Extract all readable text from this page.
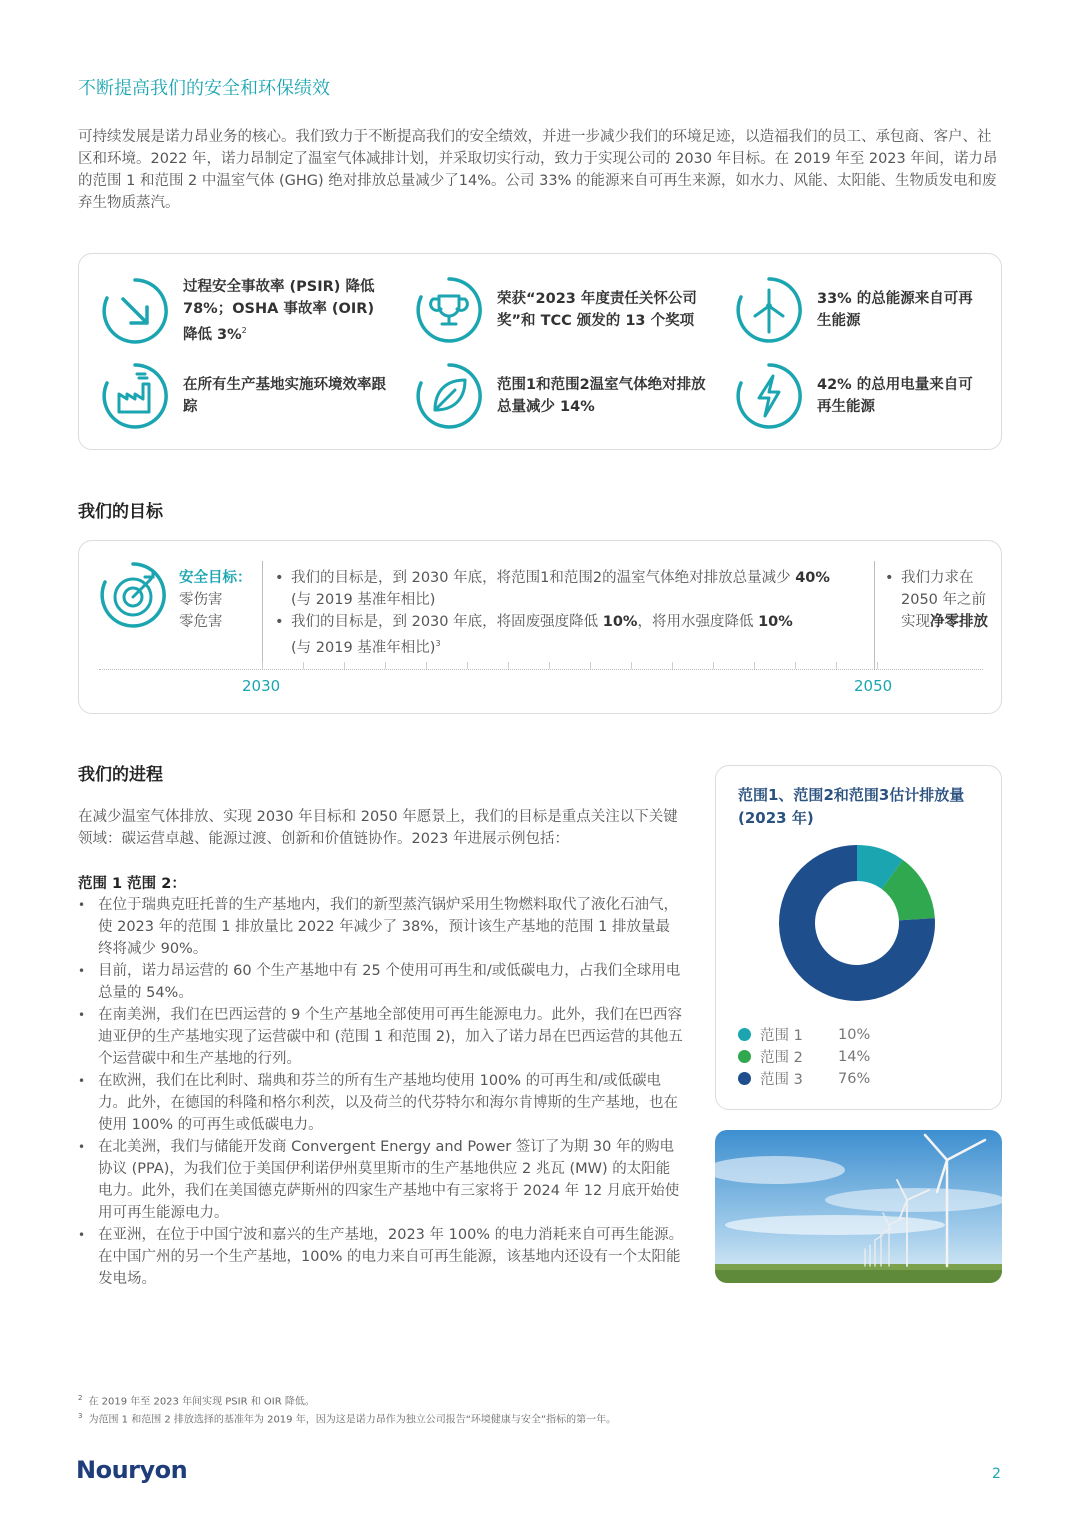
不断提高我们的安全和环保绩效
可持续发展是诺力昂业务的核心。我们致力于不断提高我们的安全绩效，并进一步减少我们的环境足迹，以造福我们的员工、承包商、客户、社区和环境。2022 年，诺力昂制定了温室气体减排计划，并采取切实行动，致力于实现公司的 2030 年目标。在 2019 年至 2023 年间，诺力昂的范围 1 和范围 2 中温室气体 (GHG) 绝对排放总量减少了14%。公司 33% 的能源来自可再生来源，如水力、风能、太阳能、生物质发电和废弃生物质蒸汽。
过程安全事故率 (PSIR) 降低 78%；OSHA 事故率 (OIR) 降低 3%$^2$
荣获“2023 年度责任关怀公司奖”和 TCC 颁发的 13 个奖项
33% 的总能源来自可再生能源
在所有生产基地实施环境效率跟踪
范围1和范围2温室气体绝对排放总量减少 14%
42% 的总用电量来自可再生能源
我们的目标
安全目标：
零伤害
零危害
• 我们的目标是，到 2030 年底，将范围1和范围2的温室气体绝对排放总量减少 40%
(与 2019 基准年相比)
• 我们的目标是，到 2030 年底，将固废强度降低 10%，将用水强度降低 10%
(与 2019 基准年相比)$^3$
• 我们力求在 2050 年之前实现净零排放
2030	2050
我们的进程
在减少温室气体排放、实现 2030 年目标和 2050 年愿景上，我们的目标是重点关注以下关键领域：碳运营卓越、能源过渡、创新和价值链协作。2023 年进展示例包括：
范围 1 范围 2：
• 在位于瑞典克旺托普的生产基地内，我们的新型蒸汽锅炉采用生物燃料取代了液化石油气，使 2023 年的范围 1 排放量比 2022 年减少了 38%，预计该生产基地的范围 1 排放量最终将减少 90%。
• 目前，诺力昂运营的 60 个生产基地中有 25 个使用可再生和/或低碳电力，占我们全球用电总量的 54%。
• 在南美洲，我们在巴西运营的 9 个生产基地全部使用可再生能源电力。此外，我们在巴西容迪亚伊的生产基地实现了运营碳中和 (范围 1 和范围 2)，加入了诺力昂在巴西运营的其他五个运营碳中和生产基地的行列。
• 在欧洲，我们在比利时、瑞典和芬兰的所有生产基地均使用 100% 的可再生和/或低碳电力。此外，在德国的科隆和格尔利茨，以及荷兰的代芬特尔和海尔肯博斯的生产基地，也在使用 100% 的可再生或低碳电力。
• 在北美洲，我们与储能开发商 Convergent Energy and Power 签订了为期 30 年的购电协议 (PPA)，为我们位于美国伊利诺伊州莫里斯市的生产基地供应 2 兆瓦 (MW) 的太阳能电力。此外，我们在美国德克萨斯州的四家生产基地中有三家将于 2024 年 12 月底开始使用可再生能源电力。
• 在亚洲，在位于中国宁波和嘉兴的生产基地，2023 年 100% 的电力消耗来自可再生能源。在中国广州的另一个生产基地，100% 的电力来自可再生能源，该基地内还设有一个太阳能发电场。
范围1、范围2和范围3估计排放量 (2023 年)
范围 1	10%
范围 2	14%
范围 3	76%
$^2$ 在 2019 年至 2023 年间实现 PSIR 和 OIR 降低。
$^3$ 为范围 1 和范围 2 排放选择的基准年为 2019 年，因为这是诺力昂作为独立公司报告“环境健康与安全”指标的第一年。
Nouryon	2
